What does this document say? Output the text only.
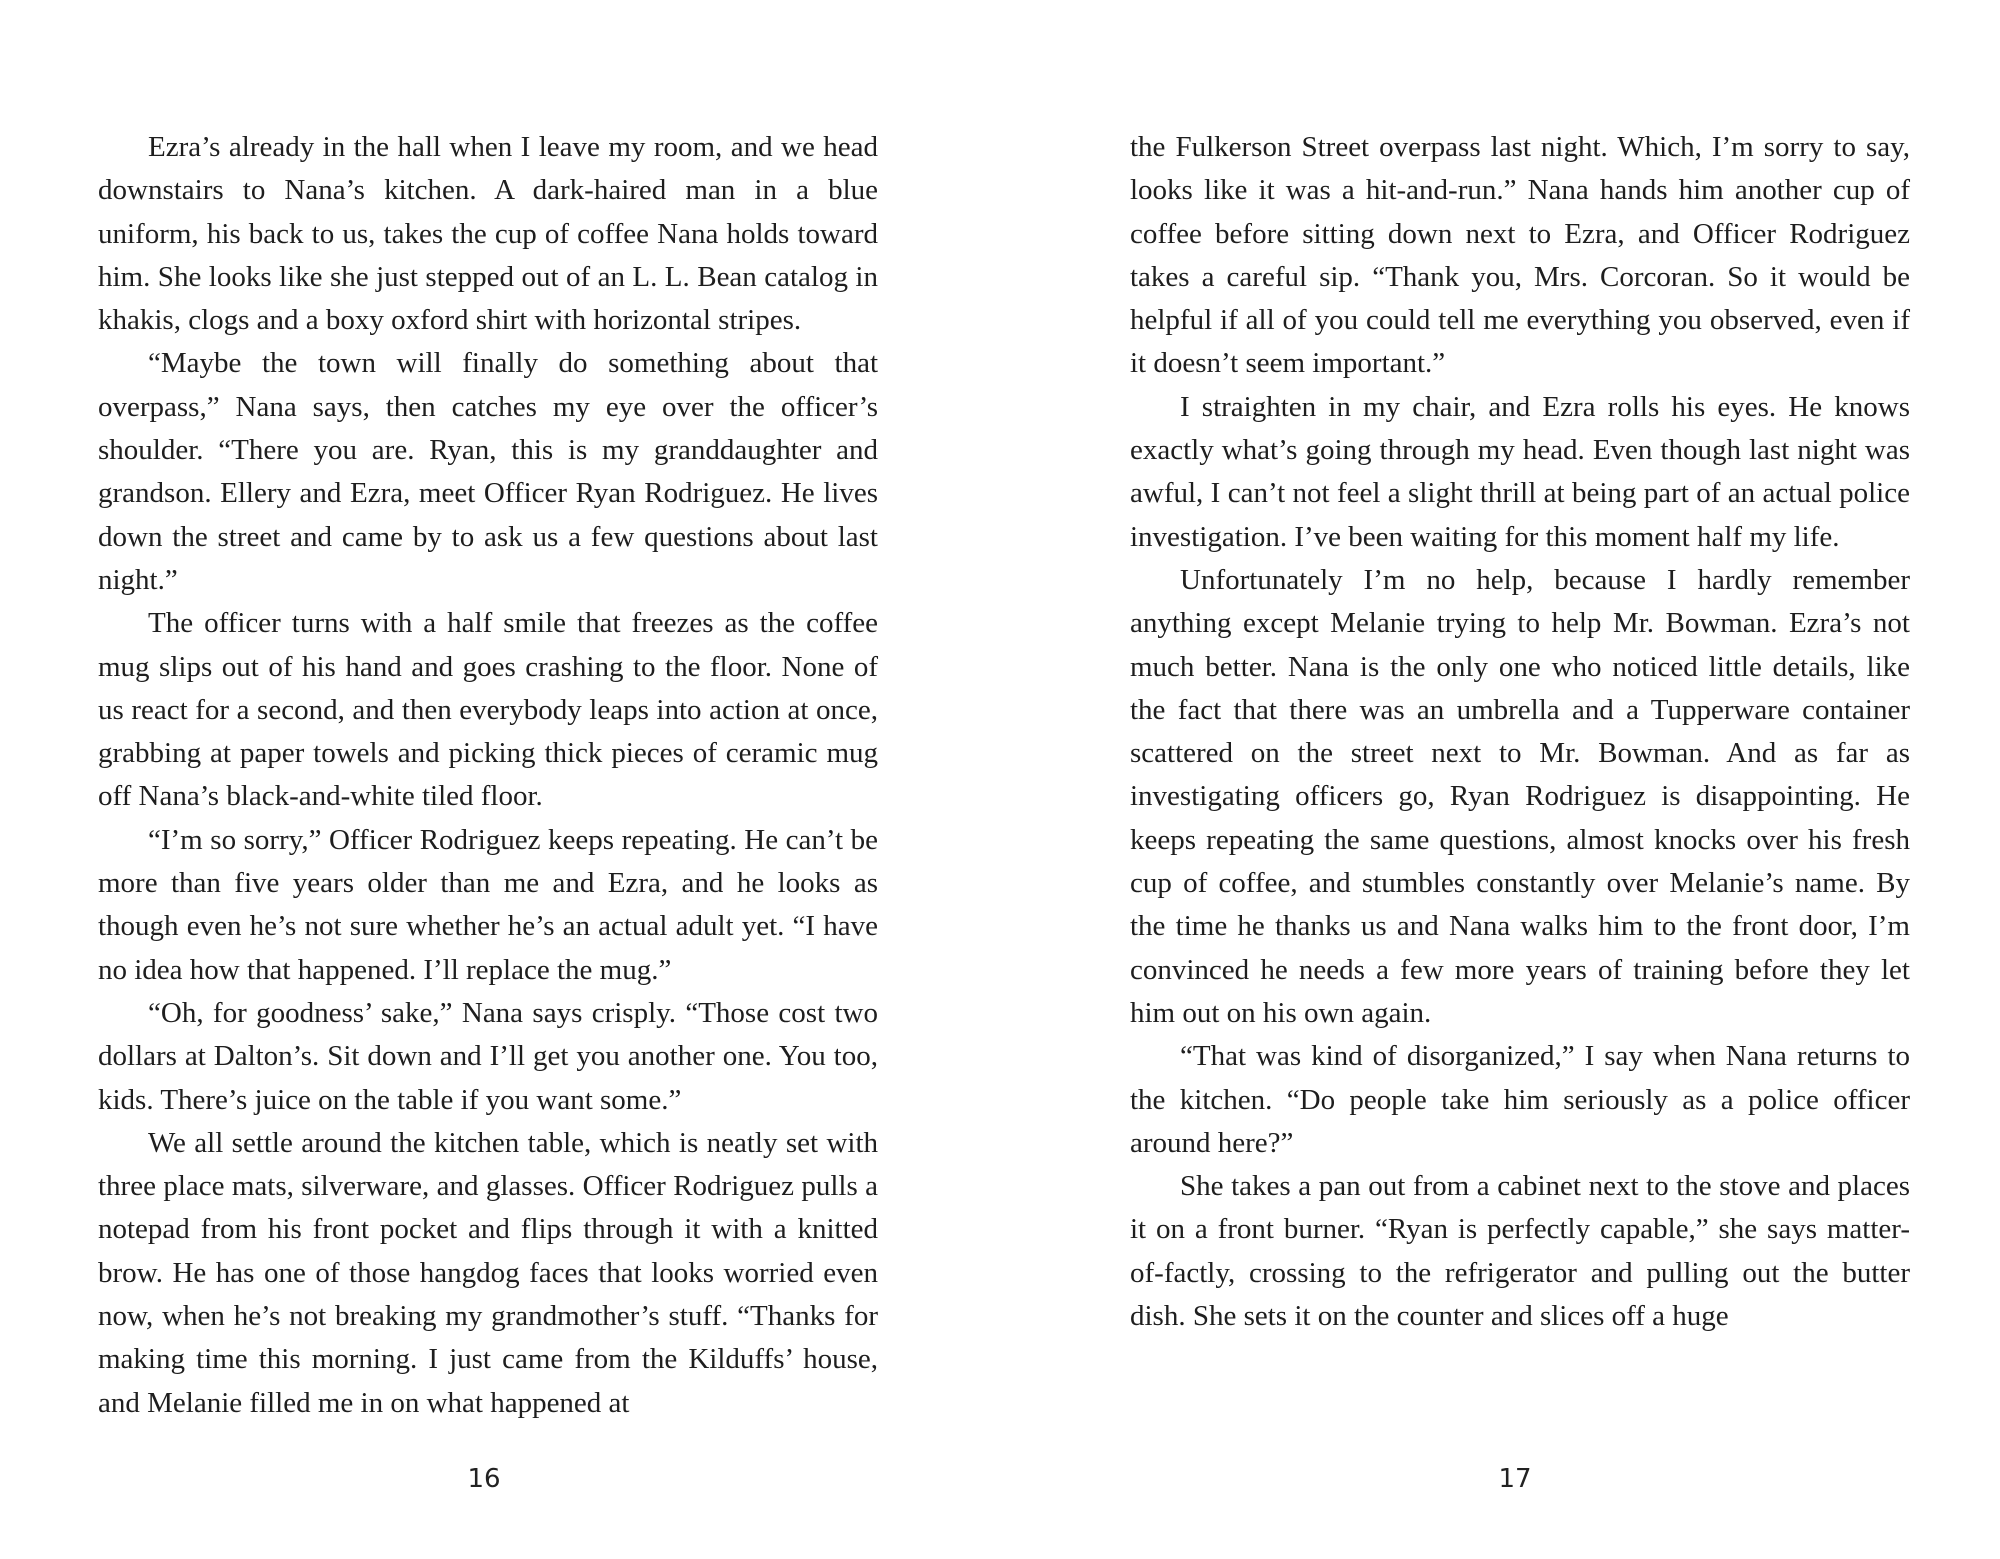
Ezra’s already in the hall when I leave my room, and we head downstairs to Nana’s kitchen. A dark-haired man in a blue uniform, his back to us, takes the cup of coffee Nana holds toward him. She looks like she just stepped out of an L. L. Bean catalog in khakis, clogs and a boxy oxford shirt with horizontal stripes.

“Maybe the town will finally do something about that overpass,” Nana says, then catches my eye over the officer’s shoulder. “There you are. Ryan, this is my granddaughter and grandson. Ellery and Ezra, meet Officer Ryan Rodriguez. He lives down the street and came by to ask us a few questions about last night.”

The officer turns with a half smile that freezes as the coffee mug slips out of his hand and goes crashing to the floor. None of us react for a second, and then everybody leaps into action at once, grabbing at paper towels and picking thick pieces of ceramic mug off Nana’s black-and-white tiled floor.

“I’m so sorry,” Officer Rodriguez keeps repeating. He can’t be more than five years older than me and Ezra, and he looks as though even he’s not sure whether he’s an actual adult yet. “I have no idea how that happened. I’ll replace the mug.”

“Oh, for goodness’ sake,” Nana says crisply. “Those cost two dollars at Dalton’s. Sit down and I’ll get you another one. You too, kids. There’s juice on the table if you want some.”

We all settle around the kitchen table, which is neatly set with three place mats, silverware, and glasses. Officer Rodriguez pulls a notepad from his front pocket and flips through it with a knitted brow. He has one of those hangdog faces that looks worried even now, when he’s not breaking my grandmother’s stuff. “Thanks for making time this morning. I just came from the Kilduffs’ house, and Melanie filled me in on what happened at

16

the Fulkerson Street overpass last night. Which, I’m sorry to say, looks like it was a hit-and-run.” Nana hands him another cup of coffee before sitting down next to Ezra, and Officer Rodriguez takes a careful sip. “Thank you, Mrs. Corcoran. So it would be helpful if all of you could tell me everything you observed, even if it doesn’t seem important.”

I straighten in my chair, and Ezra rolls his eyes. He knows exactly what’s going through my head. Even though last night was awful, I can’t not feel a slight thrill at being part of an actual police investigation. I’ve been waiting for this moment half my life.

Unfortunately I’m no help, because I hardly remember anything except Melanie trying to help Mr. Bowman. Ezra’s not much better. Nana is the only one who noticed little details, like the fact that there was an umbrella and a Tupperware container scattered on the street next to Mr. Bowman. And as far as investigating officers go, Ryan Rodriguez is disappointing. He keeps repeating the same questions, almost knocks over his fresh cup of coffee, and stumbles constantly over Melanie’s name. By the time he thanks us and Nana walks him to the front door, I’m convinced he needs a few more years of training before they let him out on his own again.

“That was kind of disorganized,” I say when Nana returns to the kitchen. “Do people take him seriously as a police officer around here?”

She takes a pan out from a cabinet next to the stove and places it on a front burner. “Ryan is perfectly capable,” she says matter-of-factly, crossing to the refrigerator and pulling out the butter dish. She sets it on the counter and slices off a huge

17
